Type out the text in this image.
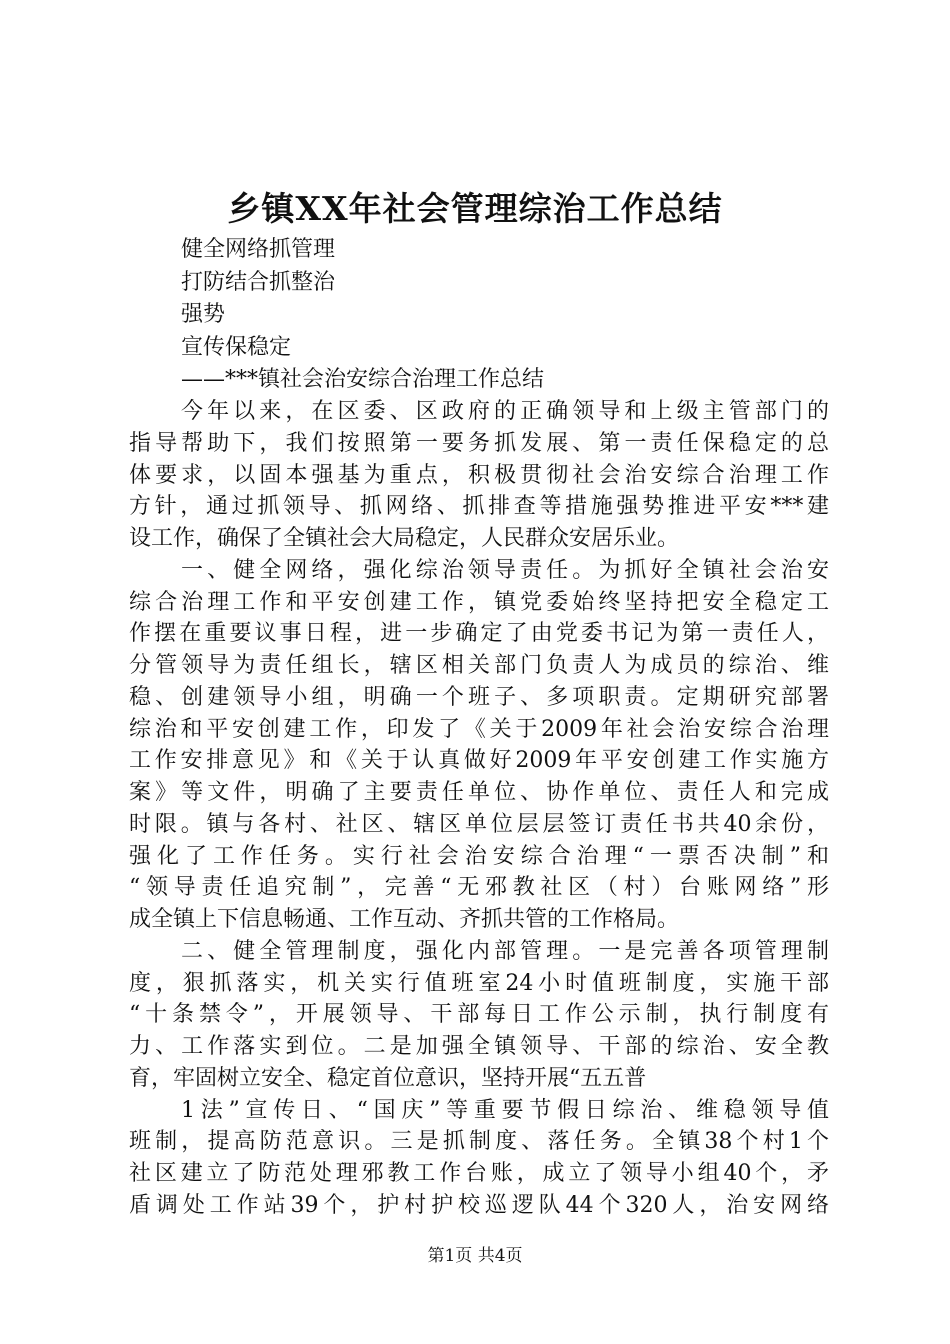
乡镇XX年社会管理综治工作总结
健全网络抓管理
打防结合抓整治
强势
宣传保稳定
——***镇社会治安综合治理工作总结
今年以来，在区委、区政府的正确领导和上级主管部门的
指导帮助下，我们按照第一要务抓发展、第一责任保稳定的总
体要求，以固本强基为重点，积极贯彻社会治安综合治理工作
方针，通过抓领导、抓网络、抓排查等措施强势推进平安***建
设工作，确保了全镇社会大局稳定，人民群众安居乐业。
一、健全网络，强化综治领导责任。为抓好全镇社会治安
综合治理工作和平安创建工作，镇党委始终坚持把安全稳定工
作摆在重要议事日程，进一步确定了由党委书记为第一责任人，
分管领导为责任组长，辖区相关部门负责人为成员的综治、维
稳、创建领导小组，明确一个班子、多项职责。定期研究部署
综治和平安创建工作，印发了《关于2009年社会治安综合治理
工作安排意见》和《关于认真做好2009年平安创建工作实施方
案》等文件，明确了主要责任单位、协作单位、责任人和完成
时限。镇与各村、社区、辖区单位层层签订责任书共40余份，
强化了工作任务。实行社会治安综合治理“一票否决制”和
“领导责任追究制”，完善“无邪教社区（村）台账网络”形
成全镇上下信息畅通、工作互动、齐抓共管的工作格局。
二、健全管理制度，强化内部管理。一是完善各项管理制
度，狠抓落实，机关实行值班室24小时值班制度，实施干部
“十条禁令”，开展领导、干部每日工作公示制，执行制度有
力、工作落实到位。二是加强全镇领导、干部的综治、安全教
育，牢固树立安全、稳定首位意识，坚持开展“五五普
1法”宣传日、“国庆”等重要节假日综治、维稳领导值
班制，提高防范意识。三是抓制度、落任务。全镇38个村1个
社区建立了防范处理邪教工作台账，成立了领导小组40个，矛
盾调处工作站39个，护村护校巡逻队44个320人，治安网络
第1页 共4页
